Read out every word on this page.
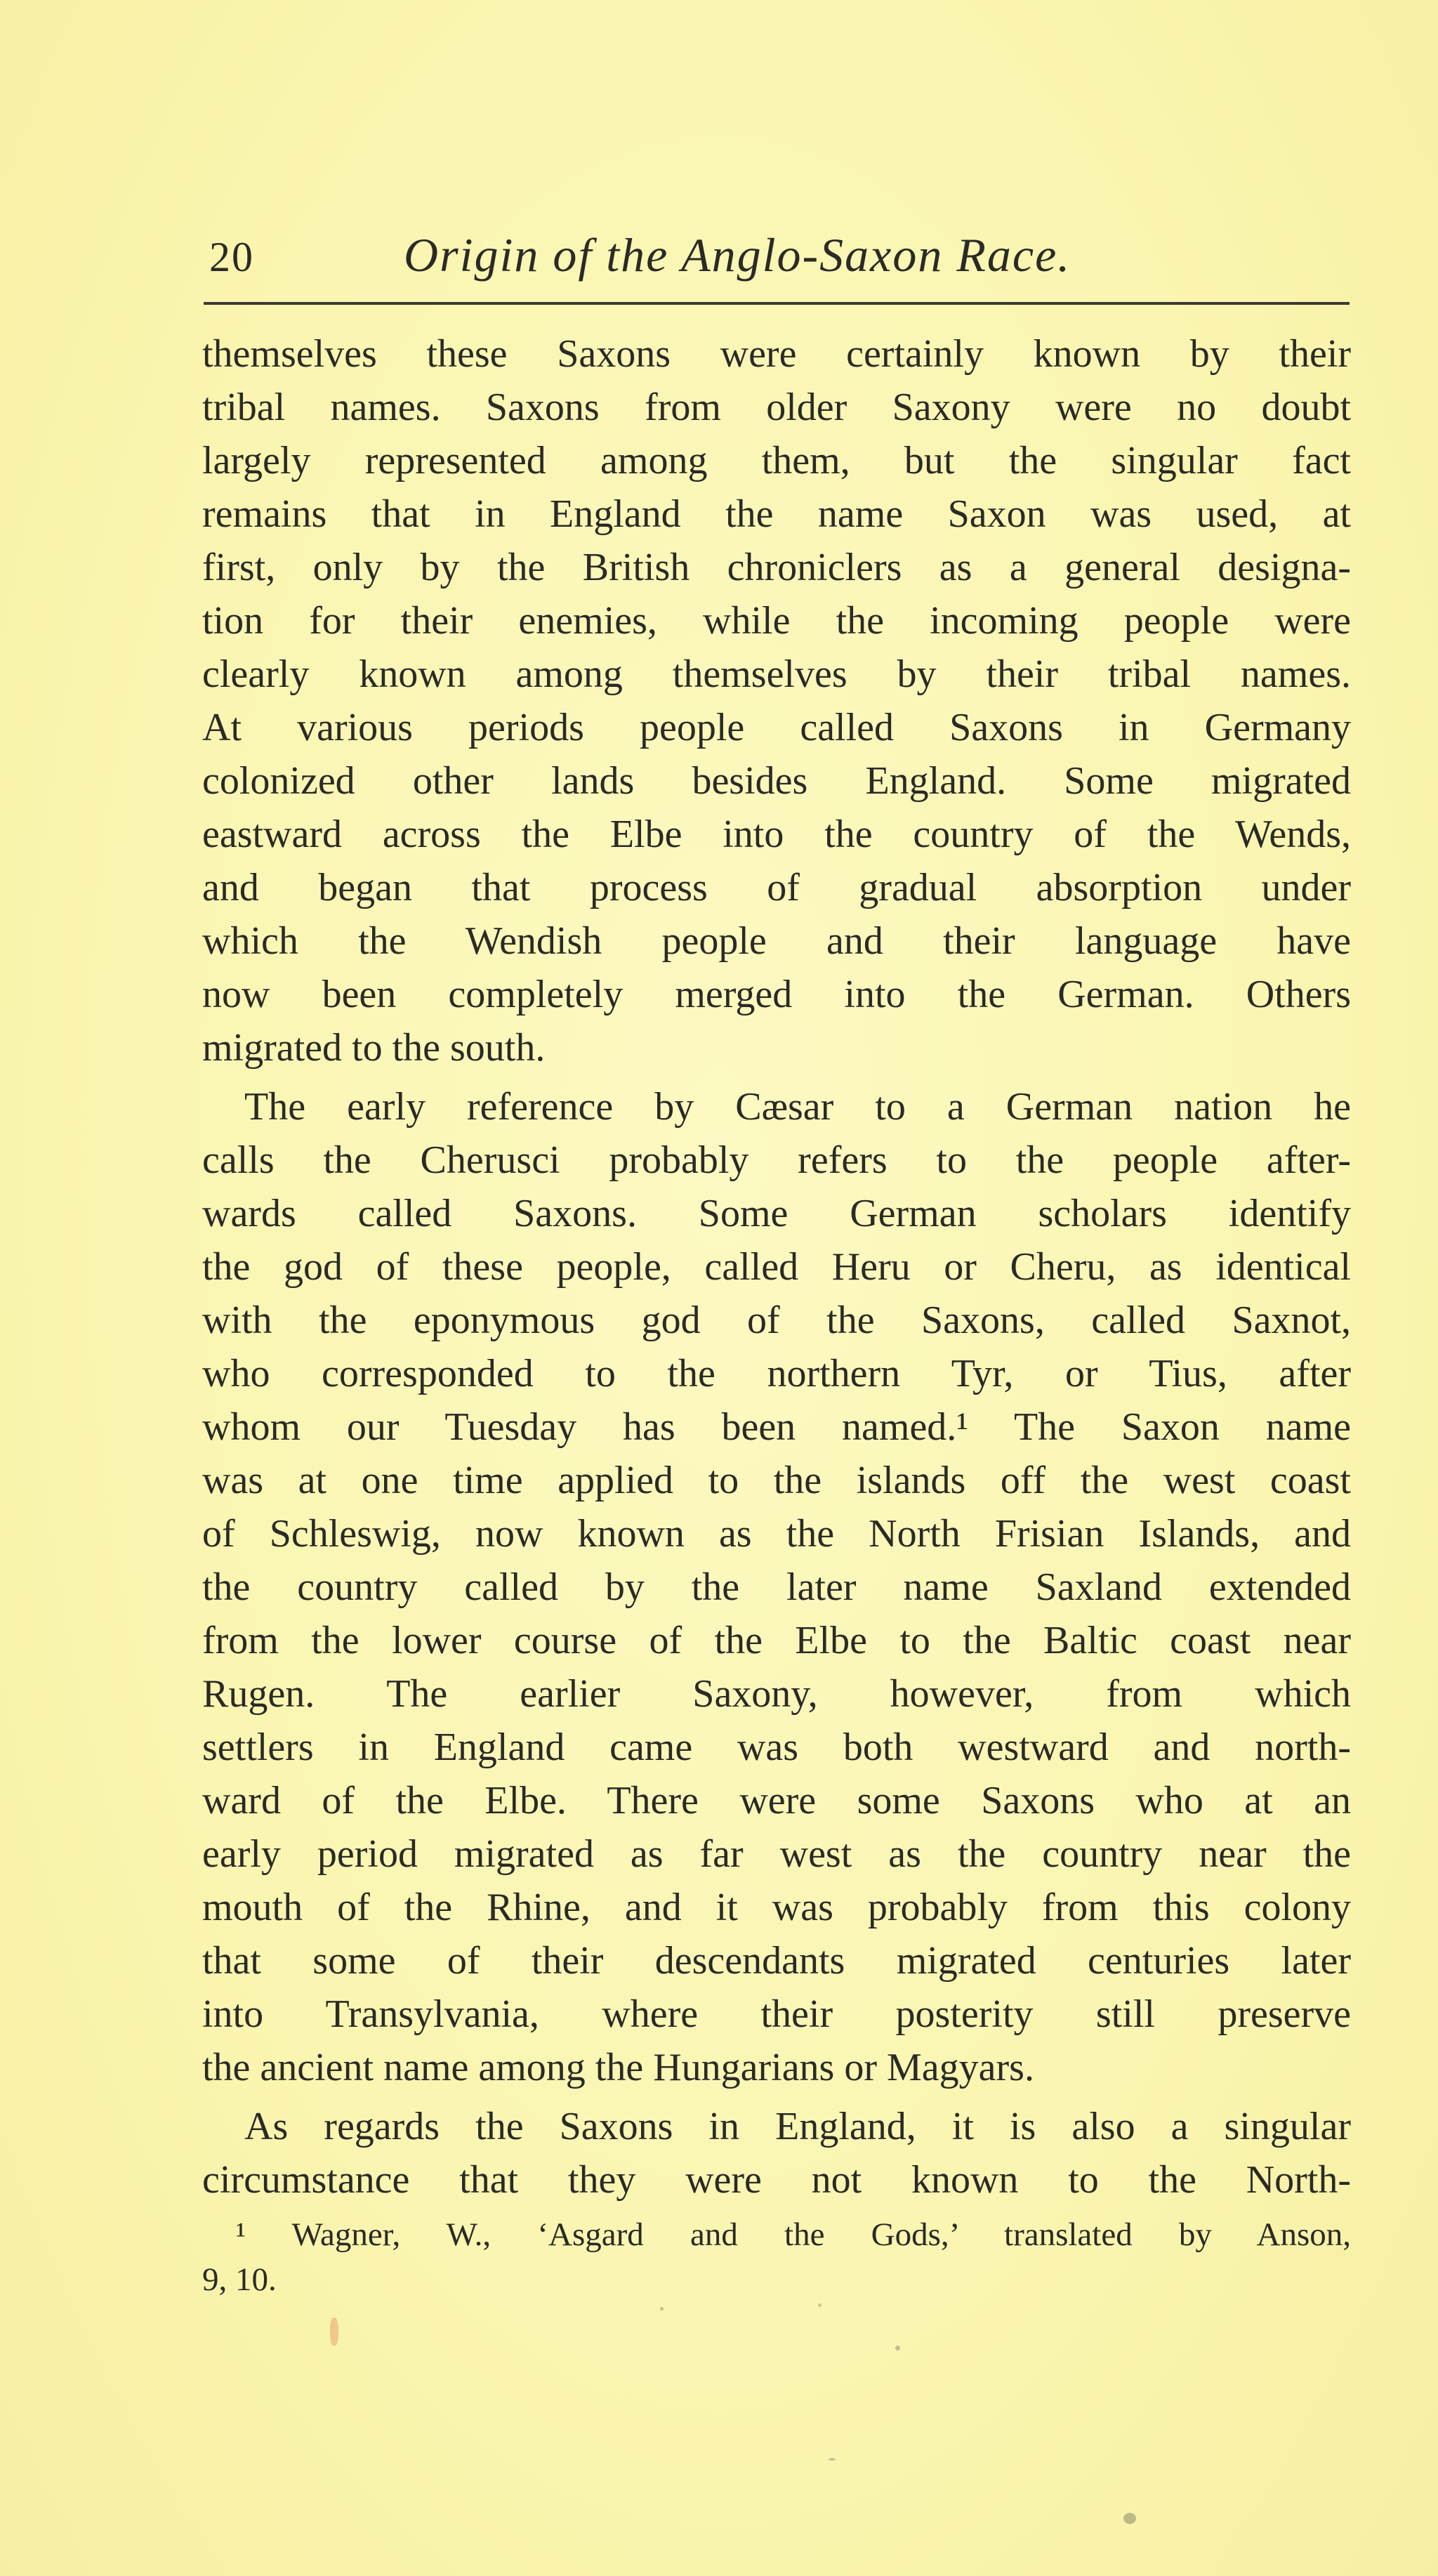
20	Origin of the Anglo-Saxon Race.
themselves these Saxons were certainly known by their
tribal names. Saxons from older Saxony were no doubt
largely represented among them, but the singular fact
remains that in England the name Saxon was used, at
first, only by the British chroniclers as a general designa-
tion for their enemies, while the incoming people were
clearly known among themselves by their tribal names.
At various periods people called Saxons in Germany
colonized other lands besides England. Some migrated
eastward across the Elbe into the country of the Wends,
and began that process of gradual absorption under
which the Wendish people and their language have
now been completely merged into the German. Others
migrated to the south.
The early reference by Cæsar to a German nation he
calls the Cherusci probably refers to the people after-
wards called Saxons. Some German scholars identify
the god of these people, called Heru or Cheru, as identical
with the eponymous god of the Saxons, called Saxnot,
who corresponded to the northern Tyr, or Tius, after
whom our Tuesday has been named.¹ The Saxon name
was at one time applied to the islands off the west coast
of Schleswig, now known as the North Frisian Islands, and
the country called by the later name Saxland extended
from the lower course of the Elbe to the Baltic coast near
Rugen. The earlier Saxony, however, from which
settlers in England came was both westward and north-
ward of the Elbe. There were some Saxons who at an
early period migrated as far west as the country near the
mouth of the Rhine, and it was probably from this colony
that some of their descendants migrated centuries later
into Transylvania, where their posterity still preserve
the ancient name among the Hungarians or Magyars.
As regards the Saxons in England, it is also a singular
circumstance that they were not known to the North-
¹ Wagner, W., ‘Asgard and the Gods,’ translated by Anson,
9, 10.
